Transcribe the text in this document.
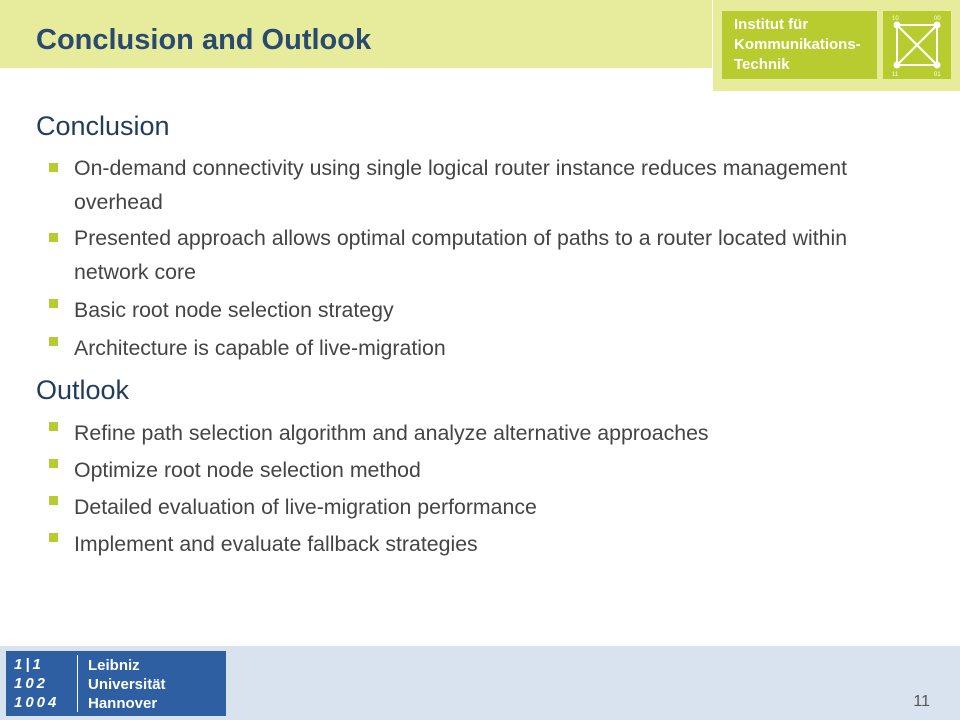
Conclusion and Outlook	Institut für
Kommunikations-
Technik
10	00
11	01
Conclusion
On-demand connectivity using single logical router instance reduces management overhead
Presented approach allows optimal computation of paths to a router located within network core
Basic root node selection strategy
Architecture is capable of live-migration
Outlook
Refine path selection algorithm and analyze alternative approaches
Optimize root node selection method
Detailed evaluation of live-migration performance
Implement and evaluate fallback strategies
1|1
102
1004
Leibniz
Universität
Hannover	11
